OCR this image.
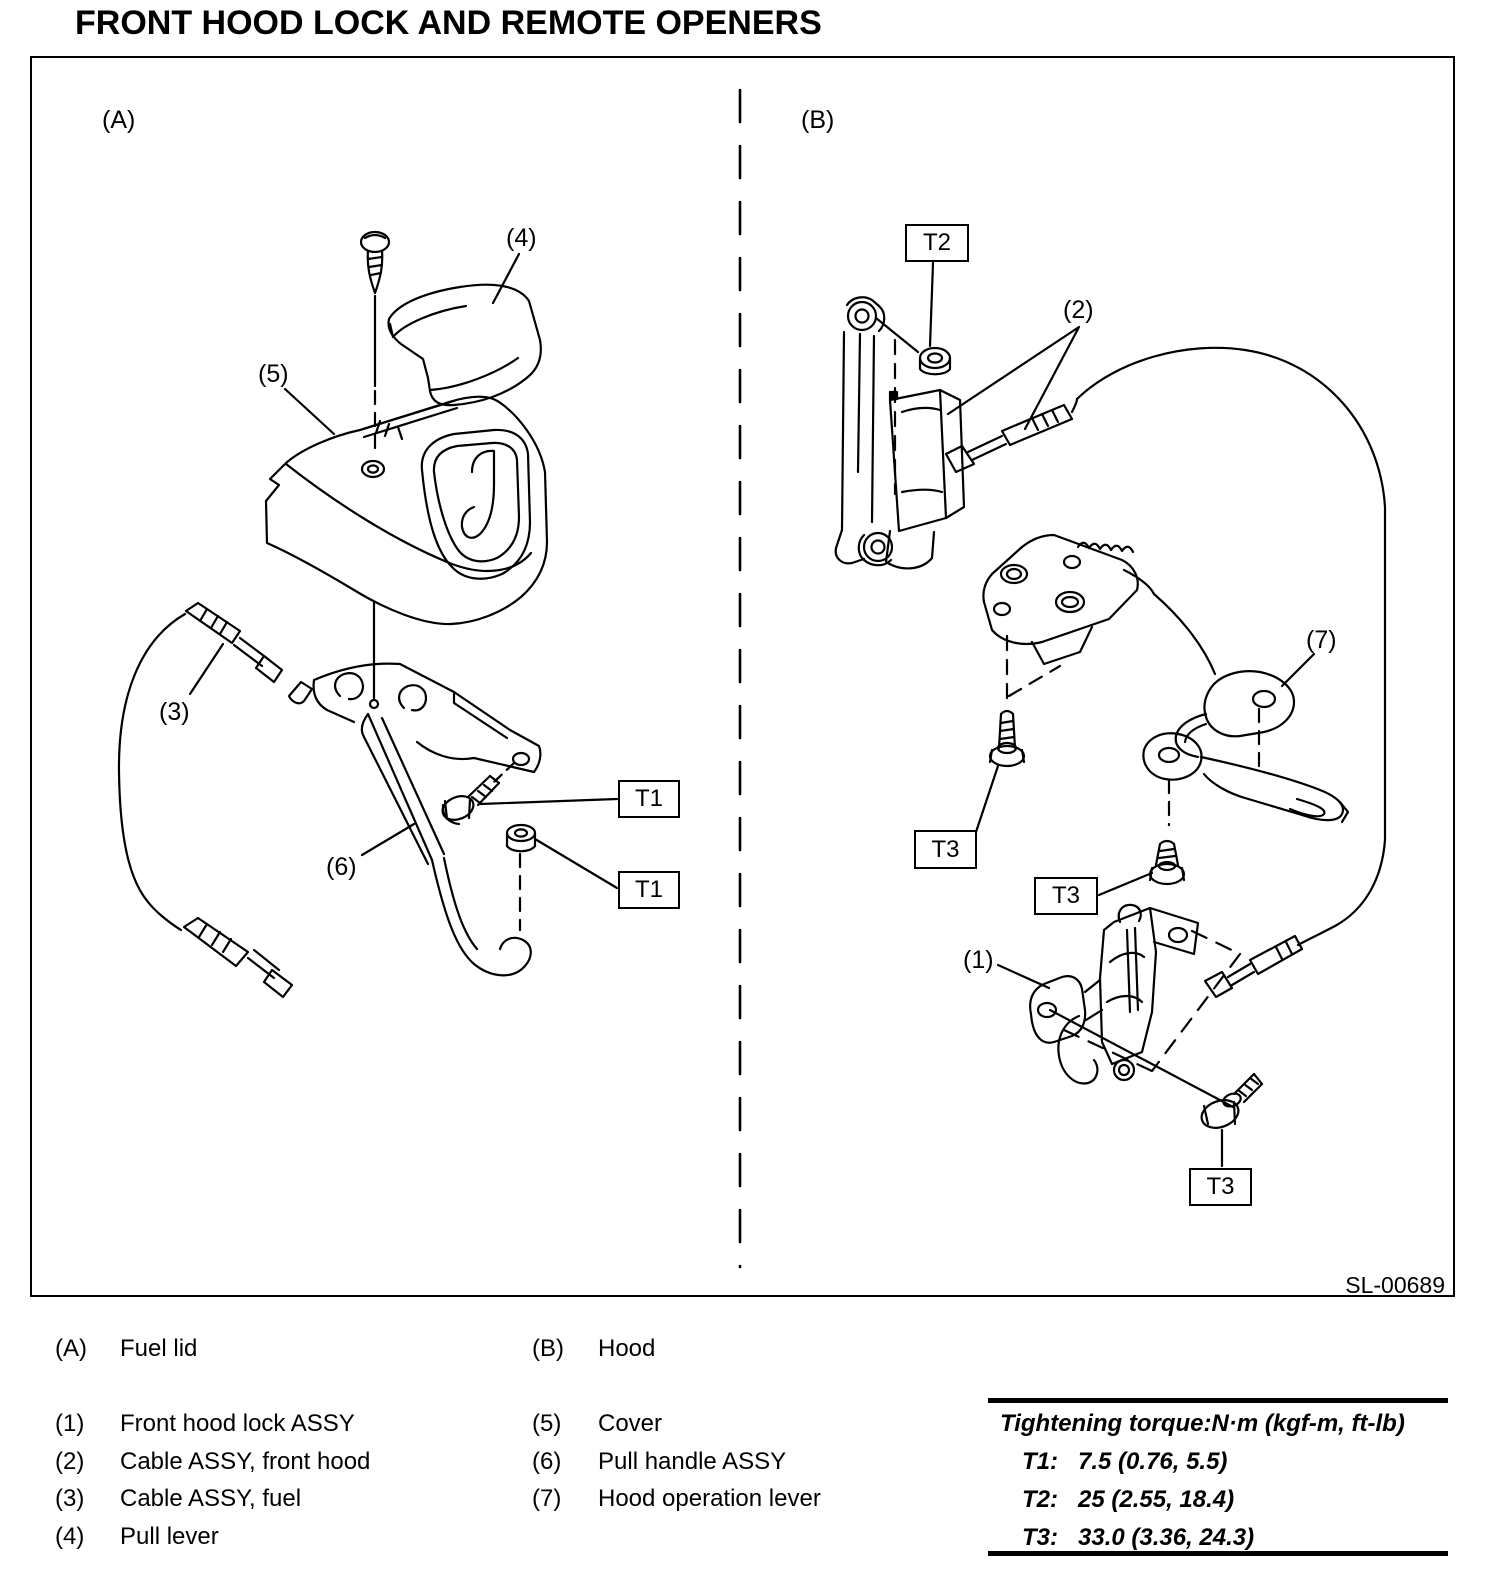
FRONT HOOD LOCK AND REMOTE OPENERS
(A)	(B)
(1)
(2)
(3)
(4)
(5)
(6)
(7)
T1
T1
T2
T3
T3
T3
SL-00689
(A) Fuel lid
(1) Front hood lock ASSY
(2) Cable ASSY, front hood
(3) Cable ASSY, fuel
(4) Pull lever
(B) Hood
(5) Cover
(6) Pull handle ASSY
(7) Hood operation lever
Tightening torque:N·m (kgf-m, ft-lb)
T1: 7.5 (0.76, 5.5)
T2: 25 (2.55, 18.4)
T3: 33.0 (3.36, 24.3)
